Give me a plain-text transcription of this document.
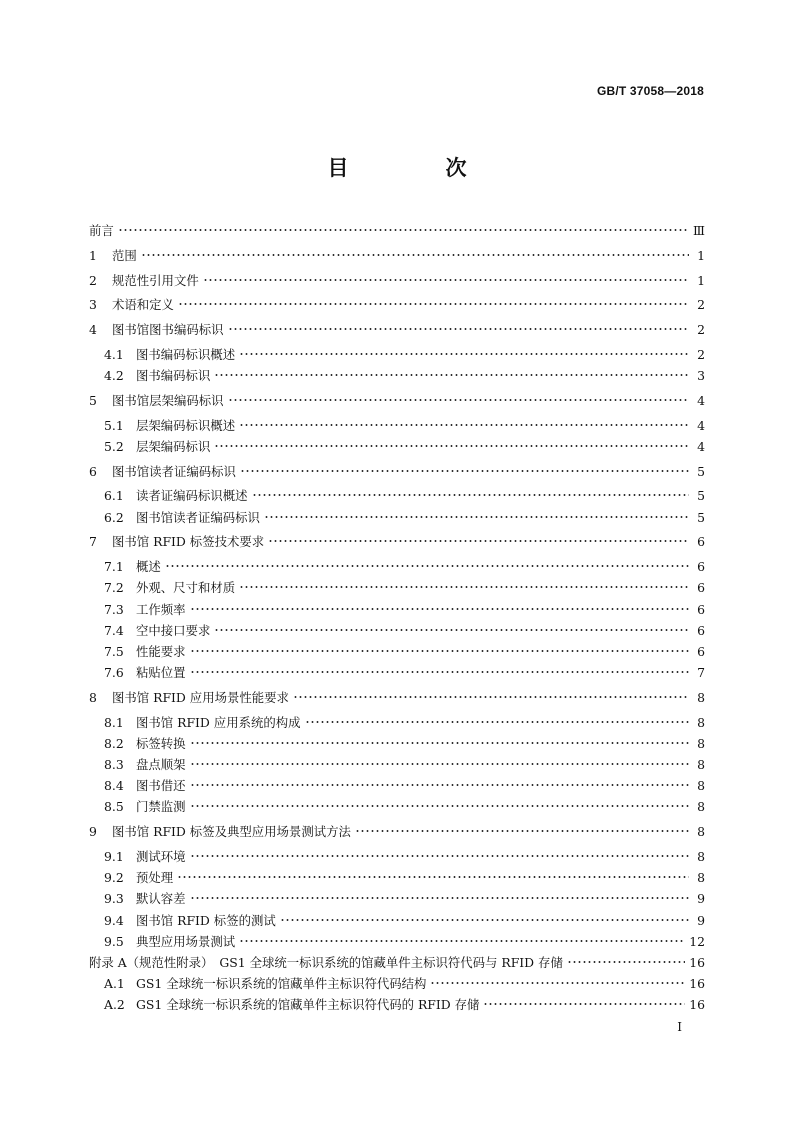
GB/T 37058—2018
目　次
前言	Ⅲ
1	范围	1
2	规范性引用文件	1
3	术语和定义	2
4	图书馆图书编码标识	2
4.1 图书编码标识概述	2
4.2 图书编码标识	3
5	图书馆层架编码标识	4
5.1 层架编码标识概述	4
5.2 层架编码标识	4
6	图书馆读者证编码标识	5
6.1 读者证编码标识概述	5
6.2 图书馆读者证编码标识	5
7	图书馆 RFID 标签技术要求	6
7.1 概述	6
7.2 外观、尺寸和材质	6
7.3 工作频率	6
7.4 空中接口要求	6
7.5 性能要求	6
7.6 粘贴位置	7
8	图书馆 RFID 应用场景性能要求	8
8.1 图书馆 RFID 应用系统的构成	8
8.2 标签转换	8
8.3 盘点顺架	8
8.4 图书借还	8
8.5 门禁监测	8
9	图书馆 RFID 标签及典型应用场景测试方法	8
9.1 测试环境	8
9.2 预处理	8
9.3 默认容差	9
9.4 图书馆 RFID 标签的测试	9
9.5 典型应用场景测试	12
附录 A（规范性附录） GS1 全球统一标识系统的馆藏单件主标识符代码与 RFID 存储	16
A.1 GS1 全球统一标识系统的馆藏单件主标识符代码结构	16
A.2 GS1 全球统一标识系统的馆藏单件主标识符代码的 RFID 存储	16
I
